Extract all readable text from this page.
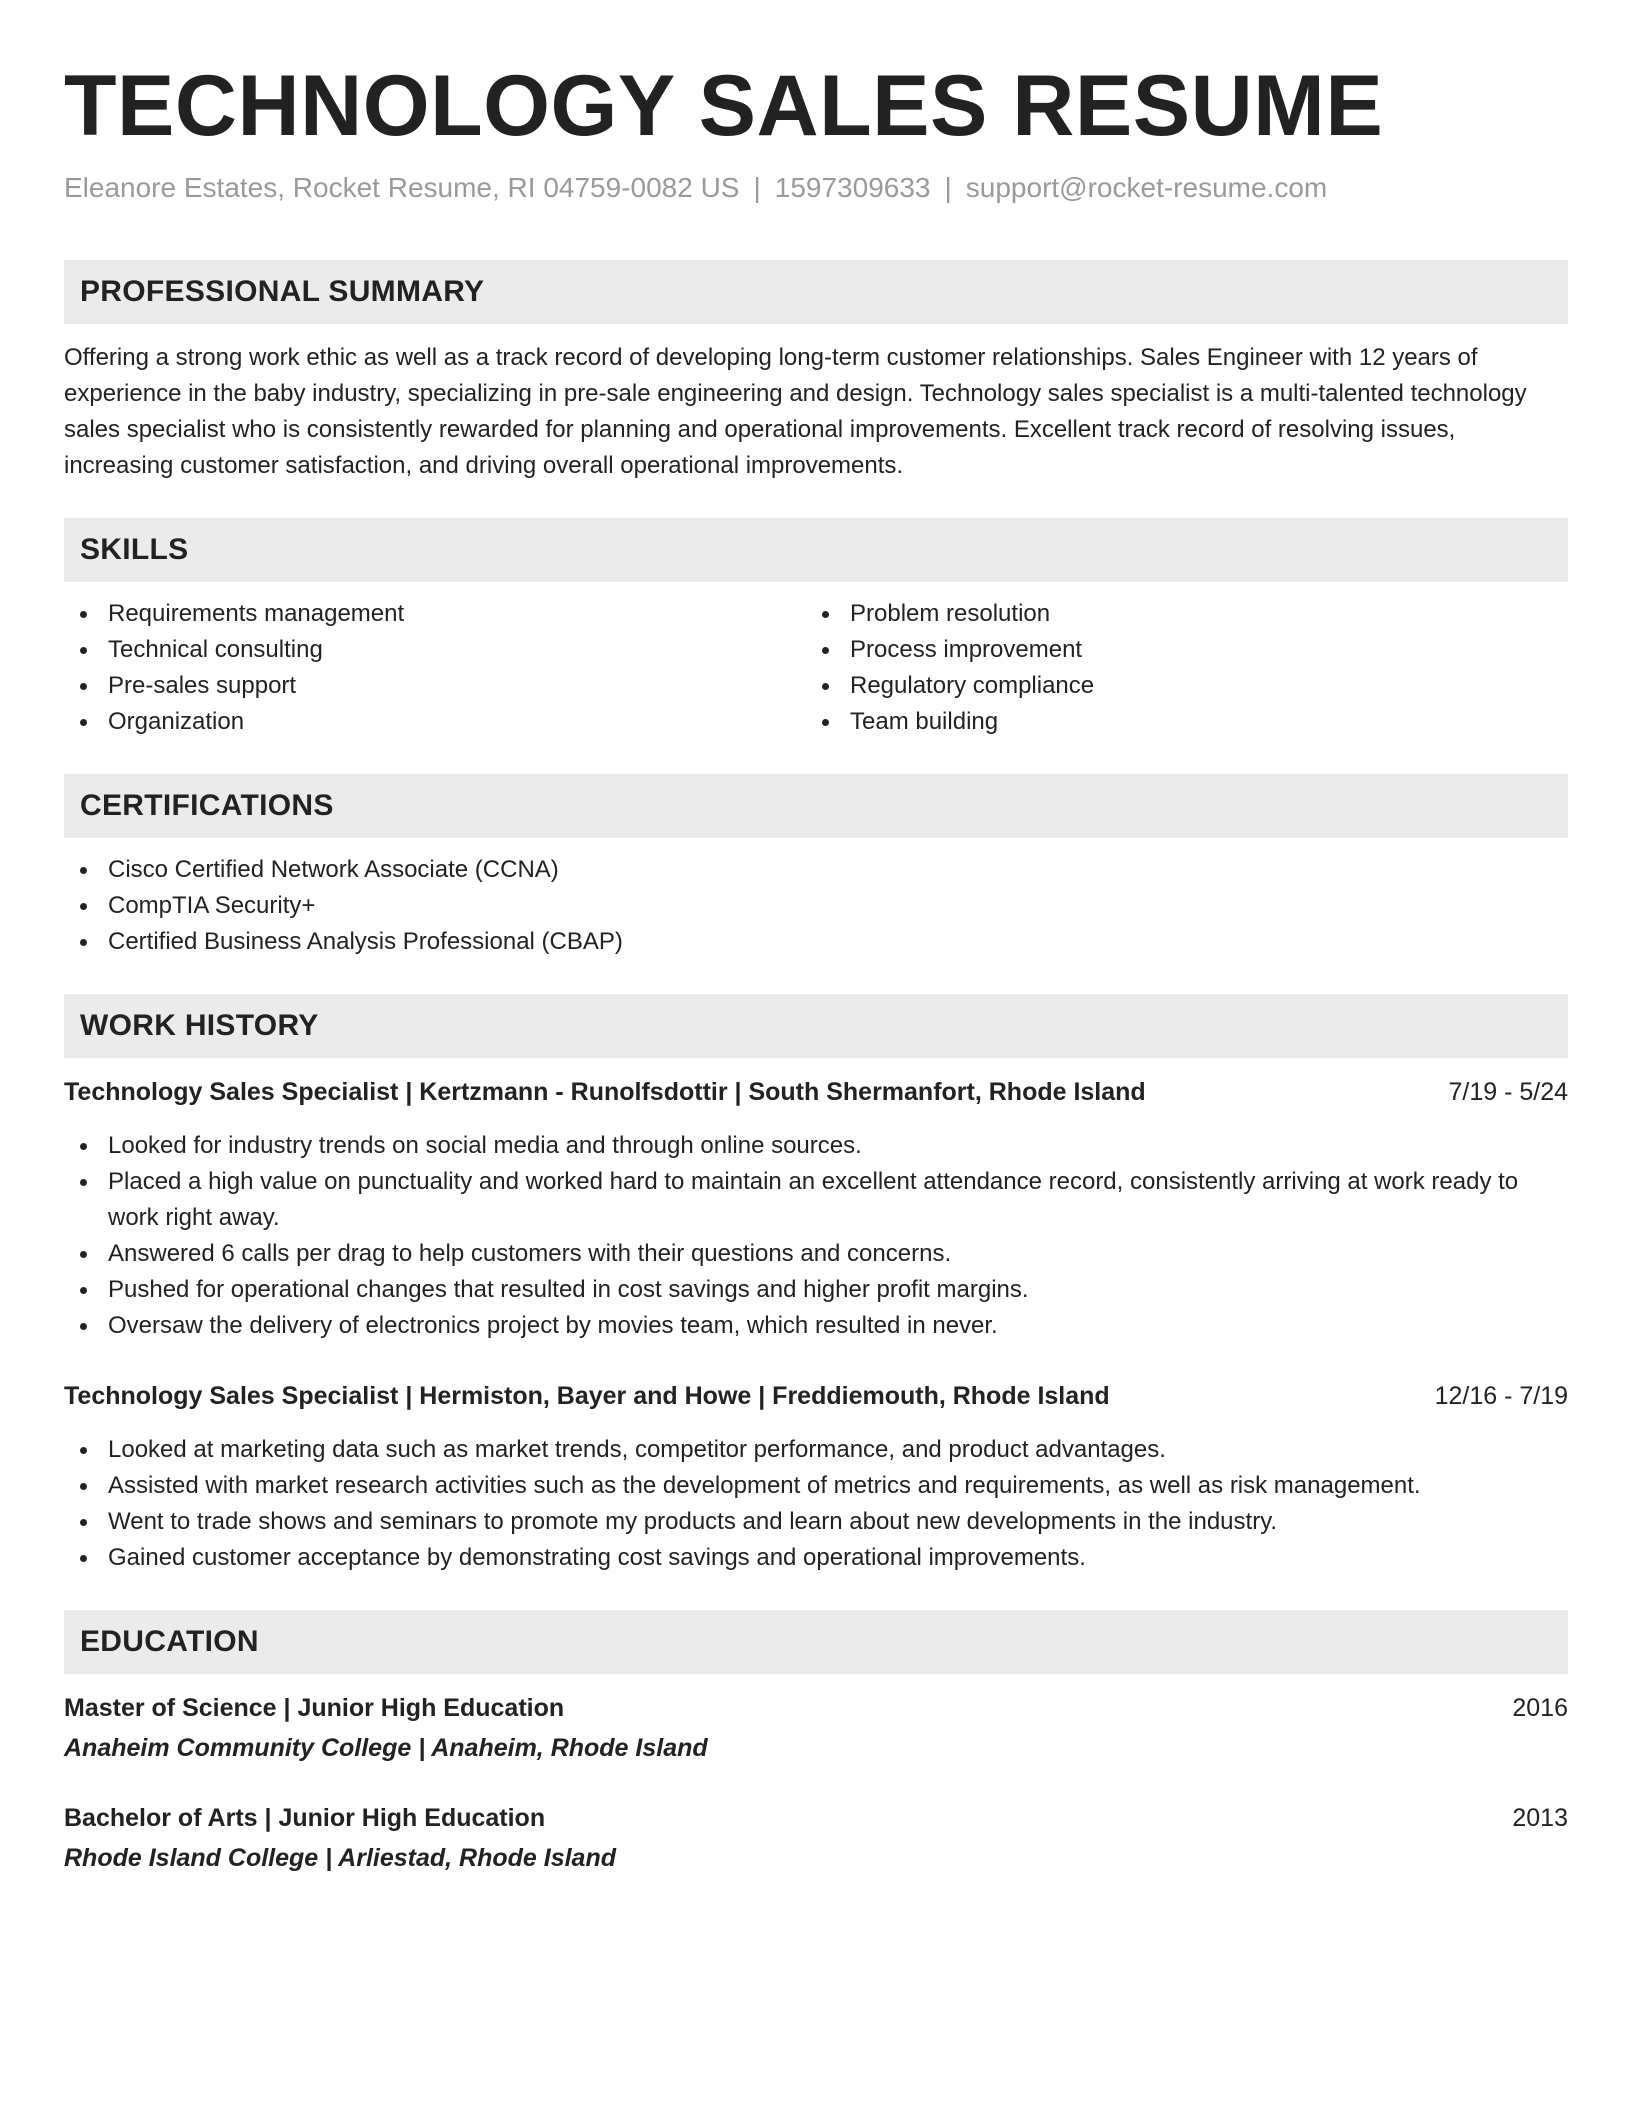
TECHNOLOGY SALES RESUME
Eleanore Estates, Rocket Resume, RI 04759-0082 US | 1597309633 | support@rocket-resume.com
PROFESSIONAL SUMMARY

Offering a strong work ethic as well as a track record of developing long-term customer relationships. Sales Engineer with 12 years of experience in the baby industry, specializing in pre-sale engineering and design. Technology sales specialist is a multi-talented technology sales specialist who is consistently rewarded for planning and operational improvements. Excellent track record of resolving issues, increasing customer satisfaction, and driving overall operational improvements.

SKILLS
Requirements management
Technical consulting
Pre-sales support
Organization
Problem resolution
Process improvement
Regulatory compliance
Team building
CERTIFICATIONS
Cisco Certified Network Associate (CCNA)
CompTIA Security+
Certified Business Analysis Professional (CBAP)
WORK HISTORY
Technology Sales Specialist | Kertzmann - Runolfsdottir | South Shermanfort, Rhode Island	7/19 - 5/24
Looked for industry trends on social media and through online sources.
Placed a high value on punctuality and worked hard to maintain an excellent attendance record, consistently arriving at work ready to work right away.
Answered 6 calls per drag to help customers with their questions and concerns.
Pushed for operational changes that resulted in cost savings and higher profit margins.
Oversaw the delivery of electronics project by movies team, which resulted in never.
Technology Sales Specialist | Hermiston, Bayer and Howe | Freddiemouth, Rhode Island	12/16 - 7/19
Looked at marketing data such as market trends, competitor performance, and product advantages.
Assisted with market research activities such as the development of metrics and requirements, as well as risk management.
Went to trade shows and seminars to promote my products and learn about new developments in the industry.
Gained customer acceptance by demonstrating cost savings and operational improvements.
EDUCATION
Master of Science | Junior High Education	2016
Anaheim Community College | Anaheim, Rhode Island
Bachelor of Arts | Junior High Education	2013
Rhode Island College | Arliestad, Rhode Island
